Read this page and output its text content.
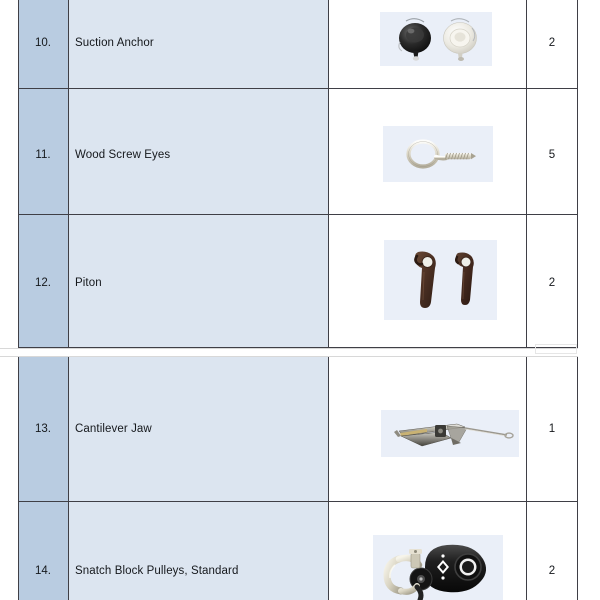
10.	Suction Anchor	2
11.	Wood Screw Eyes	5
12.	Piton	2
13.	Cantilever Jaw	1
14.	Snatch Block Pulleys, Standard	2
